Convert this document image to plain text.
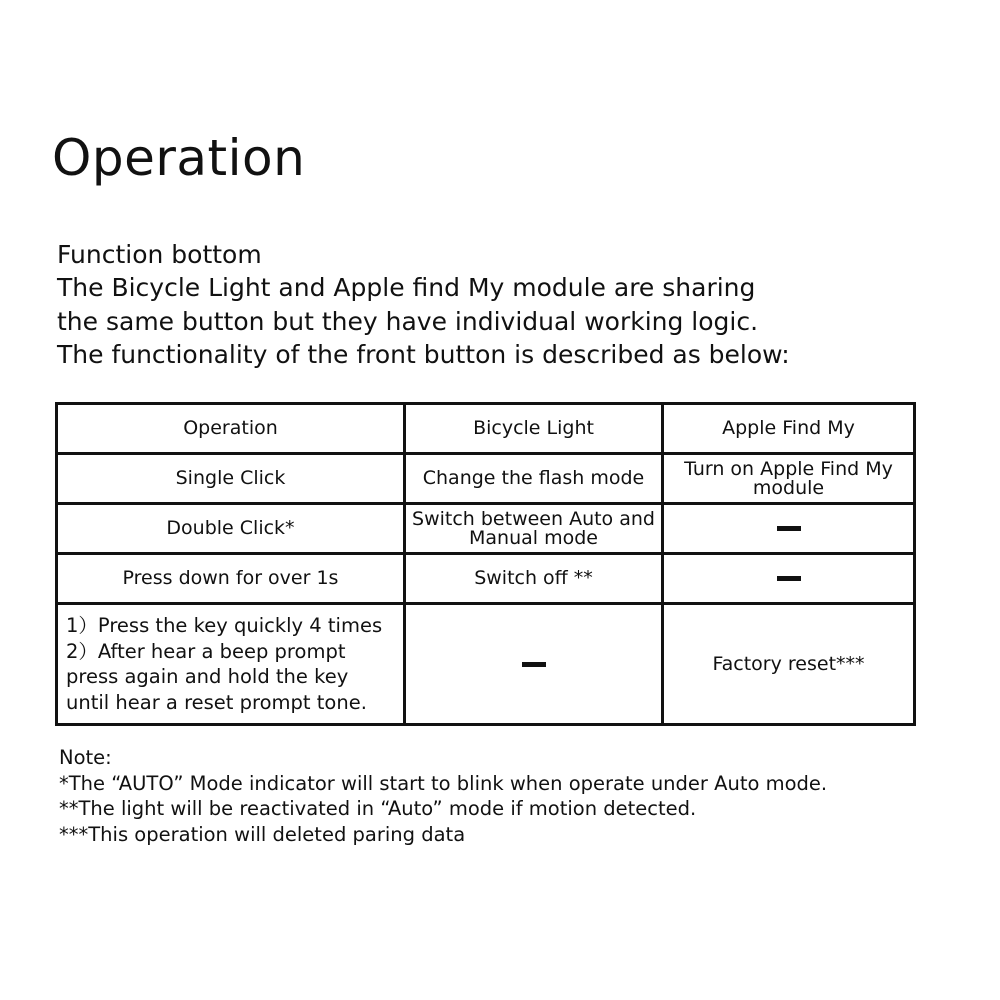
Operation
Function bottom
The Bicycle Light and Apple find My module are sharing
the same button but they have individual working logic.
The functionality of the front button is described as below:
Operation	Bicycle Light	Apple Find My
Single Click	Change the flash mode	Turn on Apple Find My module
Double Click*	Switch between Auto and Manual mode	
Press down for over 1s	Switch off **	

1）Press the key quickly 4 times
2）After hear a beep prompt
press again and hold the key
until hear a reset prompt tone.		Factory reset***
Note:
*The “AUTO” Mode indicator will start to blink when operate under Auto mode.
**The light will be reactivated in “Auto” mode if motion detected.
***This operation will deleted paring data
